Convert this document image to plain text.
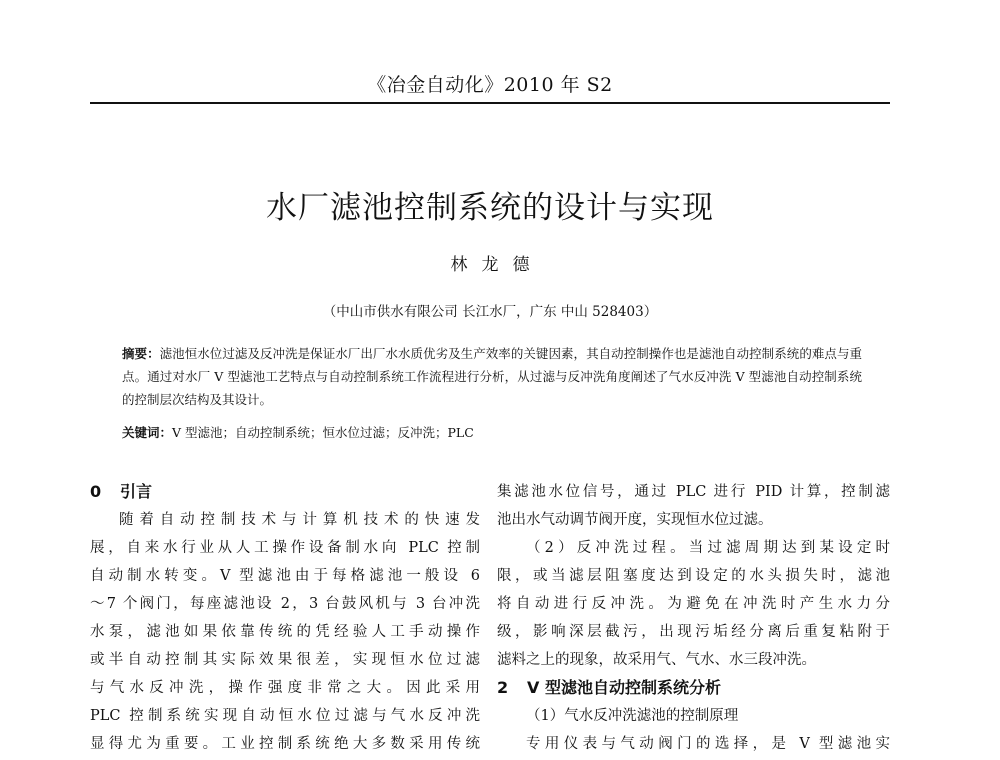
《冶金自动化》2010 年 S2
水厂滤池控制系统的设计与实现
林龙德
（中山市供水有限公司 长江水厂，广东 中山 528403）
摘要：滤池恒水位过滤及反冲洗是保证水厂出厂水水质优劣及生产效率的关键因素，其自动控制操作也是滤池自动控制系统的难点与重点。通过对水厂 V 型滤池工艺特点与自动控制系统工作流程进行分析，从过滤与反冲洗角度阐述了气水反冲洗 V 型滤池自动控制系统的控制层次结构及其设计。
关键词：V 型滤池；自动控制系统；恒水位过滤；反冲洗；PLC
0 引言
随着自动控制技术与计算机技术的快速发
展，自来水行业从人工操作设备制水向 PLC 控制
自动制水转变。V 型滤池由于每格滤池一般设 6
～7 个阀门，每座滤池设 2，3 台鼓风机与 3 台冲洗
水泵，滤池如果依靠传统的凭经验人工手动操作
或半自动控制其实际效果很差，实现恒水位过滤
与气水反冲洗，操作强度非常之大。因此采用
PLC 控制系统实现自动恒水位过滤与气水反冲洗
显得尤为重要。工业控制系统绝大多数采用传统
集滤池水位信号，通过 PLC 进行 PID 计算，控制滤
池出水气动调节阀开度，实现恒水位过滤。
（2）反冲洗过程。当过滤周期达到某设定时
限，或当滤层阻塞度达到设定的水头损失时，滤池
将自动进行反冲洗。为避免在冲洗时产生水力分
级，影响深层截污，出现污垢经分离后重复粘附于
滤料之上的现象，故采用气、气水、水三段冲洗。
2 V 型滤池自动控制系统分析
（1）气水反冲洗滤池的控制原理
专用仪表与气动阀门的选择，是 V 型滤池实
